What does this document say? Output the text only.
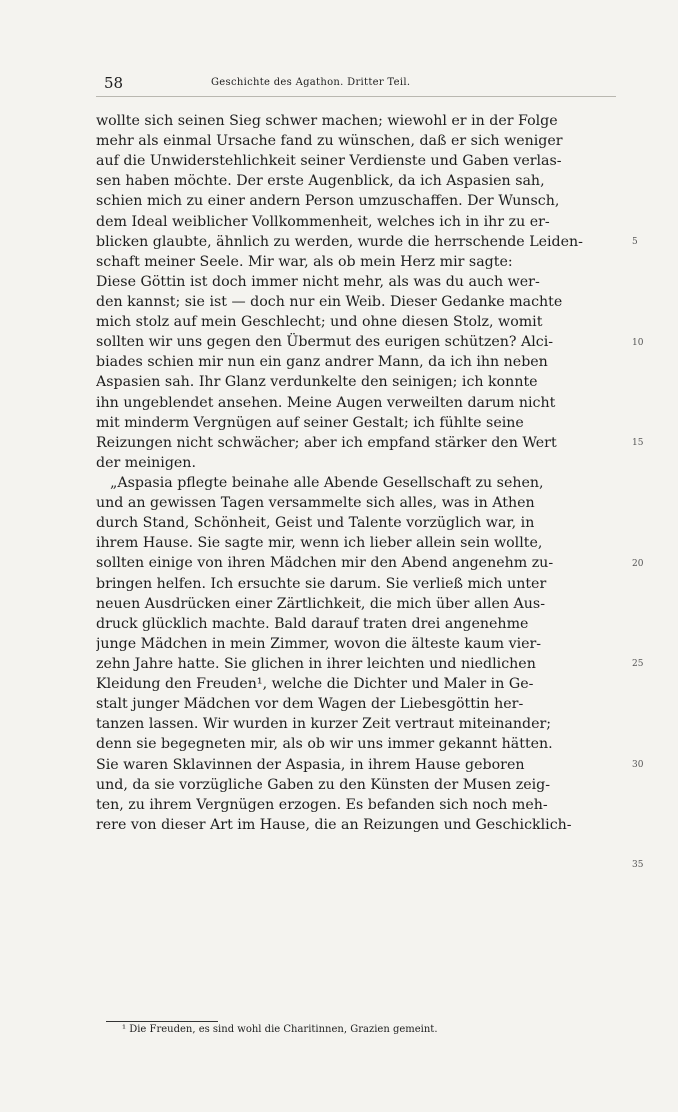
58	Geschichte des Agathon. Dritter Teil.
wollte sich seinen Sieg schwer machen; wiewohl er in der Folge
mehr als einmal Ursache fand zu wünschen, daß er sich weniger
auf die Unwiderstehlichkeit seiner Verdienste und Gaben verlas-
sen haben möchte. Der erste Augenblick, da ich Aspasien sah,
schien mich zu einer andern Person umzuschaffen. Der Wunsch,
dem Ideal weiblicher Vollkommenheit, welches ich in ihr zu er-
blicken glaubte, ähnlich zu werden, wurde die herrschende Leiden-
schaft meiner Seele. Mir war, als ob mein Herz mir sagte:
Diese Göttin ist doch immer nicht mehr, als was du auch wer-
den kannst; sie ist — doch nur ein Weib. Dieser Gedanke machte
mich stolz auf mein Geschlecht; und ohne diesen Stolz, womit
sollten wir uns gegen den Übermut des eurigen schützen? Alci-
biades schien mir nun ein ganz andrer Mann, da ich ihn neben
Aspasien sah. Ihr Glanz verdunkelte den seinigen; ich konnte
ihn ungeblendet ansehen. Meine Augen verweilten darum nicht
mit minderm Vergnügen auf seiner Gestalt; ich fühlte seine
Reizungen nicht schwächer; aber ich empfand stärker den Wert
der meinigen.
„Aspasia pflegte beinahe alle Abende Gesellschaft zu sehen,
und an gewissen Tagen versammelte sich alles, was in Athen
durch Stand, Schönheit, Geist und Talente vorzüglich war, in
ihrem Hause. Sie sagte mir, wenn ich lieber allein sein wollte,
sollten einige von ihren Mädchen mir den Abend angenehm zu-
bringen helfen. Ich ersuchte sie darum. Sie verließ mich unter
neuen Ausdrücken einer Zärtlichkeit, die mich über allen Aus-
druck glücklich machte. Bald darauf traten drei angenehme
junge Mädchen in mein Zimmer, wovon die älteste kaum vier-
zehn Jahre hatte. Sie glichen in ihrer leichten und niedlichen
Kleidung den Freuden¹, welche die Dichter und Maler in Ge-
stalt junger Mädchen vor dem Wagen der Liebesgöttin her-
tanzen lassen. Wir wurden in kurzer Zeit vertraut miteinander;
denn sie begegneten mir, als ob wir uns immer gekannt hätten.
Sie waren Sklavinnen der Aspasia, in ihrem Hause geboren
und, da sie vorzügliche Gaben zu den Künsten der Musen zeig-
ten, zu ihrem Vergnügen erzogen. Es befanden sich noch meh-
rere von dieser Art im Hause, die an Reizungen und Geschicklich-
5
10
15
20
25
30
35
¹ Die Freuden, es sind wohl die Charitinnen, Grazien gemeint.
